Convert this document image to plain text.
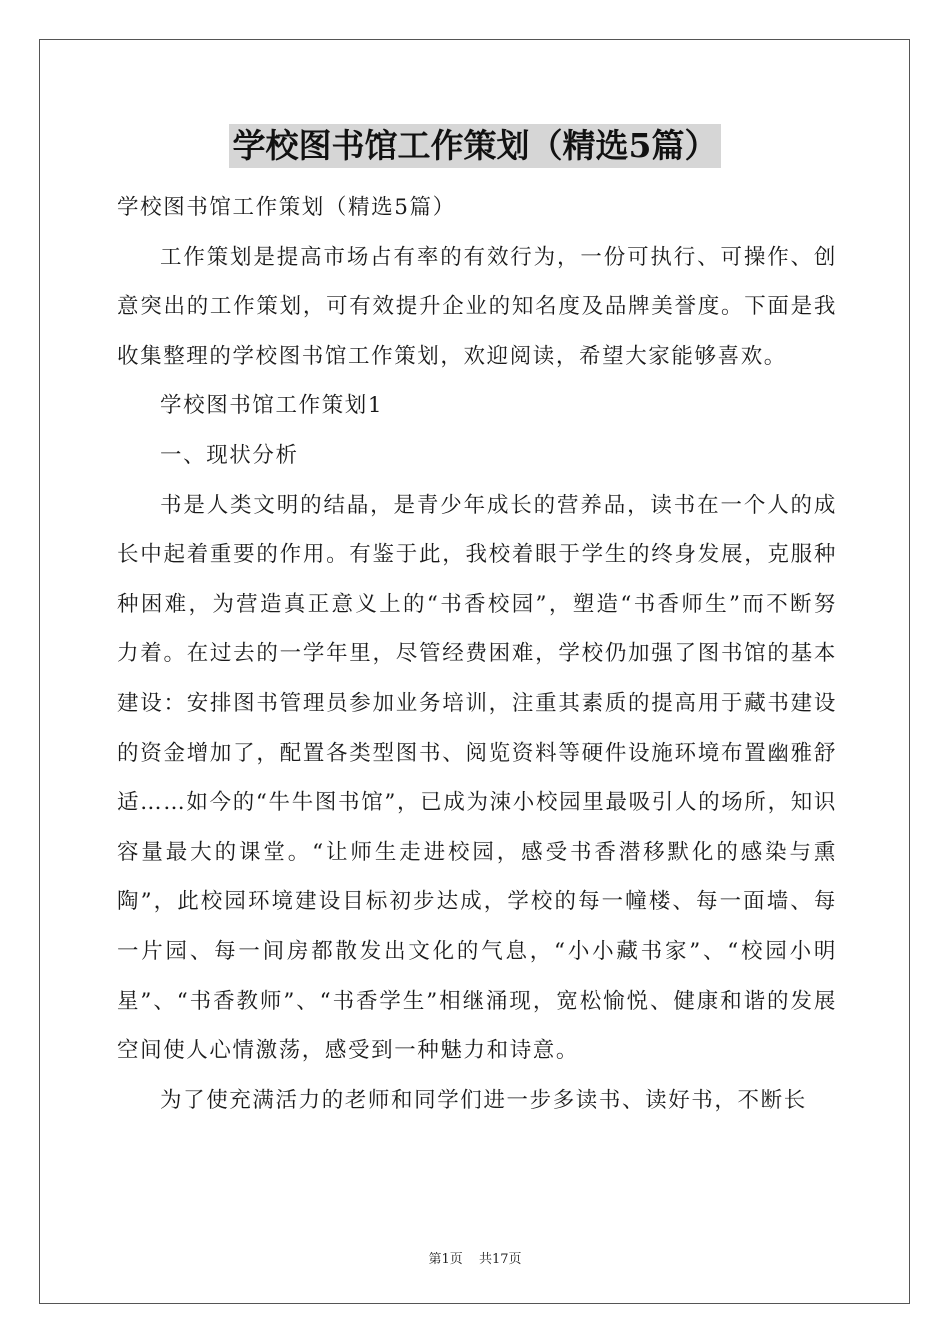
学校图书馆工作策划（精选5篇）

学校图书馆工作策划（精选5篇）

工作策划是提高市场占有率的有效行为，一份可执行、可操作、创意突出的工作策划，可有效提升企业的知名度及品牌美誉度。下面是我收集整理的学校图书馆工作策划，欢迎阅读，希望大家能够喜欢。

学校图书馆工作策划1

一、现状分析

书是人类文明的结晶，是青少年成长的营养品，读书在一个人的成长中起着重要的作用。有鉴于此，我校着眼于学生的终身发展，克服种种困难，为营造真正意义上的“书香校园”，塑造“书香师生”而不断努力着。在过去的一学年里，尽管经费困难，学校仍加强了图书馆的基本建设：安排图书管理员参加业务培训，注重其素质的提高用于藏书建设的资金增加了，配置各类型图书、阅览资料等硬件设施环境布置幽雅舒适……如今的“牛牛图书馆”，已成为涑小校园里最吸引人的场所，知识容量最大的课堂。“让师生走进校园，感受书香潜移默化的感染与熏陶”，此校园环境建设目标初步达成，学校的每一幢楼、每一面墙、每一片园、每一间房都散发出文化的气息，“小小藏书家”、“校园小明星”、“书香教师”、“书香学生”相继涌现，宽松愉悦、健康和谐的发展空间使人心情激荡，感受到一种魅力和诗意。

为了使充满活力的老师和同学们进一步多读书、读好书，不断长

第1页 共17页
